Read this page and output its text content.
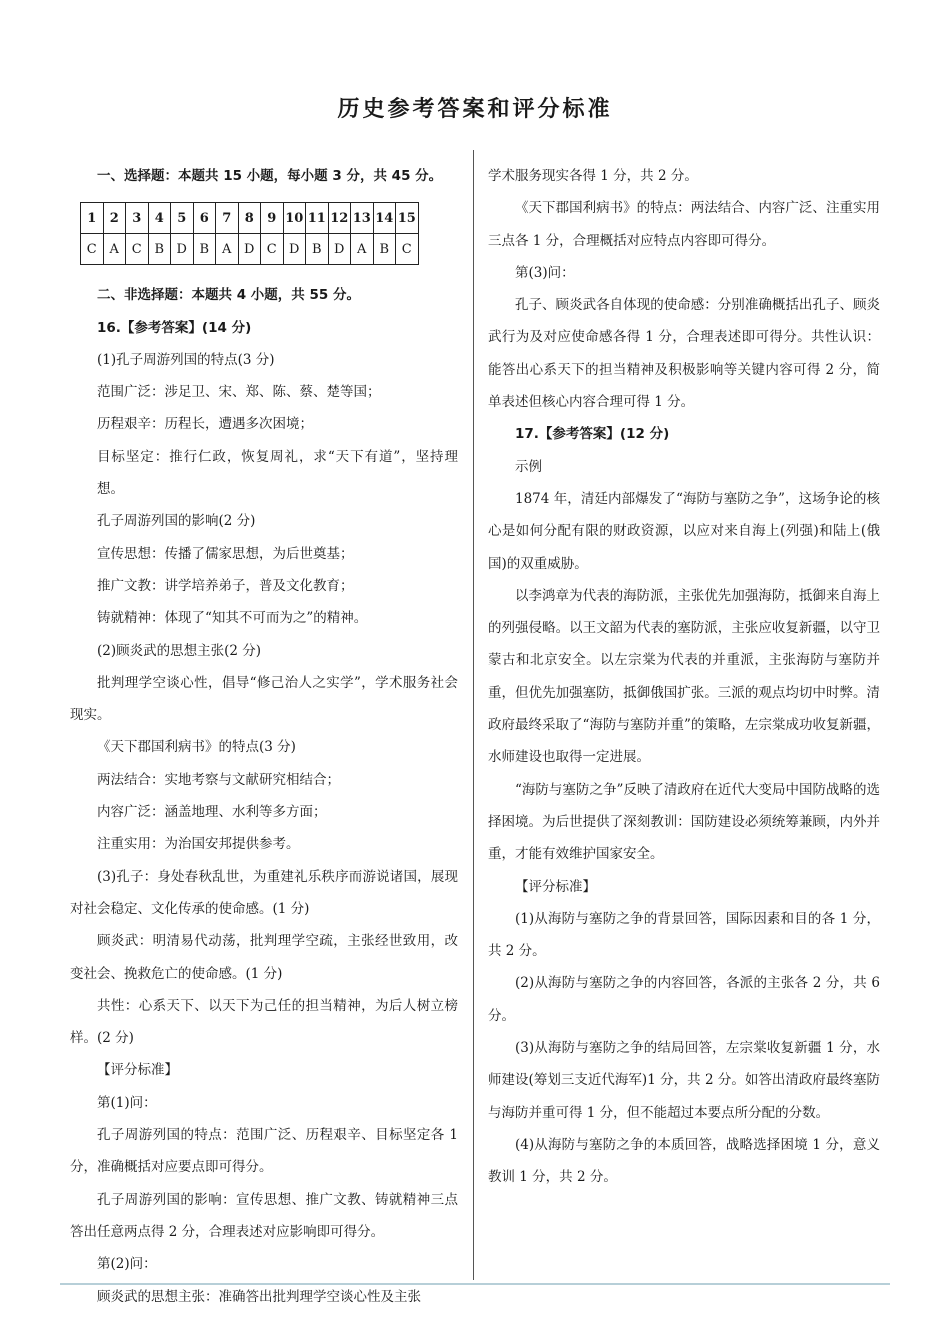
历史参考答案和评分标准

一、选择题：本题共 15 小题，每小题 3 分，共 45 分。

1	2	3	4	5	6	7	8	9	10	11	12	13	14	15
C	A	C	B	D	B	A	D	C	D	B	D	A	B	C

二、非选择题：本题共 4 小题，共 55 分。

16.【参考答案】(14 分)

(1)孔子周游列国的特点(3 分)

范围广泛：涉足卫、宋、郑、陈、蔡、楚等国；

历程艰辛：历程长，遭遇多次困境；

目标坚定：推行仁政，恢复周礼，求“天下有道”，坚持理想。

孔子周游列国的影响(2 分)

宣传思想：传播了儒家思想，为后世奠基；

推广文教：讲学培养弟子，普及文化教育；

铸就精神：体现了“知其不可而为之”的精神。

(2)顾炎武的思想主张(2 分)

批判理学空谈心性，倡导“修己治人之实学”，学术服务社会现实。

《天下郡国利病书》的特点(3 分)

两法结合：实地考察与文献研究相结合；

内容广泛：涵盖地理、水利等多方面；

注重实用：为治国安邦提供参考。

(3)孔子：身处春秋乱世，为重建礼乐秩序而游说诸国，展现对社会稳定、文化传承的使命感。(1 分)

顾炎武：明清易代动荡，批判理学空疏，主张经世致用，改变社会、挽救危亡的使命感。(1 分)

共性：心系天下、以天下为己任的担当精神，为后人树立榜样。(2 分)

【评分标准】

第(1)问：

孔子周游列国的特点：范围广泛、历程艰辛、目标坚定各 1 分，准确概括对应要点即可得分。

孔子周游列国的影响：宣传思想、推广文教、铸就精神三点答出任意两点得 2 分，合理表述对应影响即可得分。

第(2)问：

顾炎武的思想主张：准确答出批判理学空谈心性及主张

学术服务现实各得 1 分，共 2 分。

《天下郡国利病书》的特点：两法结合、内容广泛、注重实用三点各 1 分，合理概括对应特点内容即可得分。

第(3)问：

孔子、顾炎武各自体现的使命感：分别准确概括出孔子、顾炎武行为及对应使命感各得 1 分，合理表述即可得分。共性认识：能答出心系天下的担当精神及积极影响等关键内容可得 2 分，简单表述但核心内容合理可得 1 分。

17.【参考答案】(12 分)

示例

1874 年，清廷内部爆发了“海防与塞防之争”，这场争论的核心是如何分配有限的财政资源，以应对来自海上(列强)和陆上(俄国)的双重威胁。

以李鸿章为代表的海防派，主张优先加强海防，抵御来自海上的列强侵略。以王文韶为代表的塞防派，主张应收复新疆，以守卫蒙古和北京安全。以左宗棠为代表的并重派，主张海防与塞防并重，但优先加强塞防，抵御俄国扩张。三派的观点均切中时弊。清政府最终采取了“海防与塞防并重”的策略，左宗棠成功收复新疆，水师建设也取得一定进展。

“海防与塞防之争”反映了清政府在近代大变局中国防战略的选择困境。为后世提供了深刻教训：国防建设必须统筹兼顾，内外并重，才能有效维护国家安全。

【评分标准】

(1)从海防与塞防之争的背景回答，国际因素和目的各 1 分，共 2 分。

(2)从海防与塞防之争的内容回答，各派的主张各 2 分，共 6 分。

(3)从海防与塞防之争的结局回答，左宗棠收复新疆 1 分，水师建设(筹划三支近代海军)1 分，共 2 分。如答出清政府最终塞防与海防并重可得 1 分，但不能超过本要点所分配的分数。

(4)从海防与塞防之争的本质回答，战略选择困境 1 分，意义教训 1 分，共 2 分。
